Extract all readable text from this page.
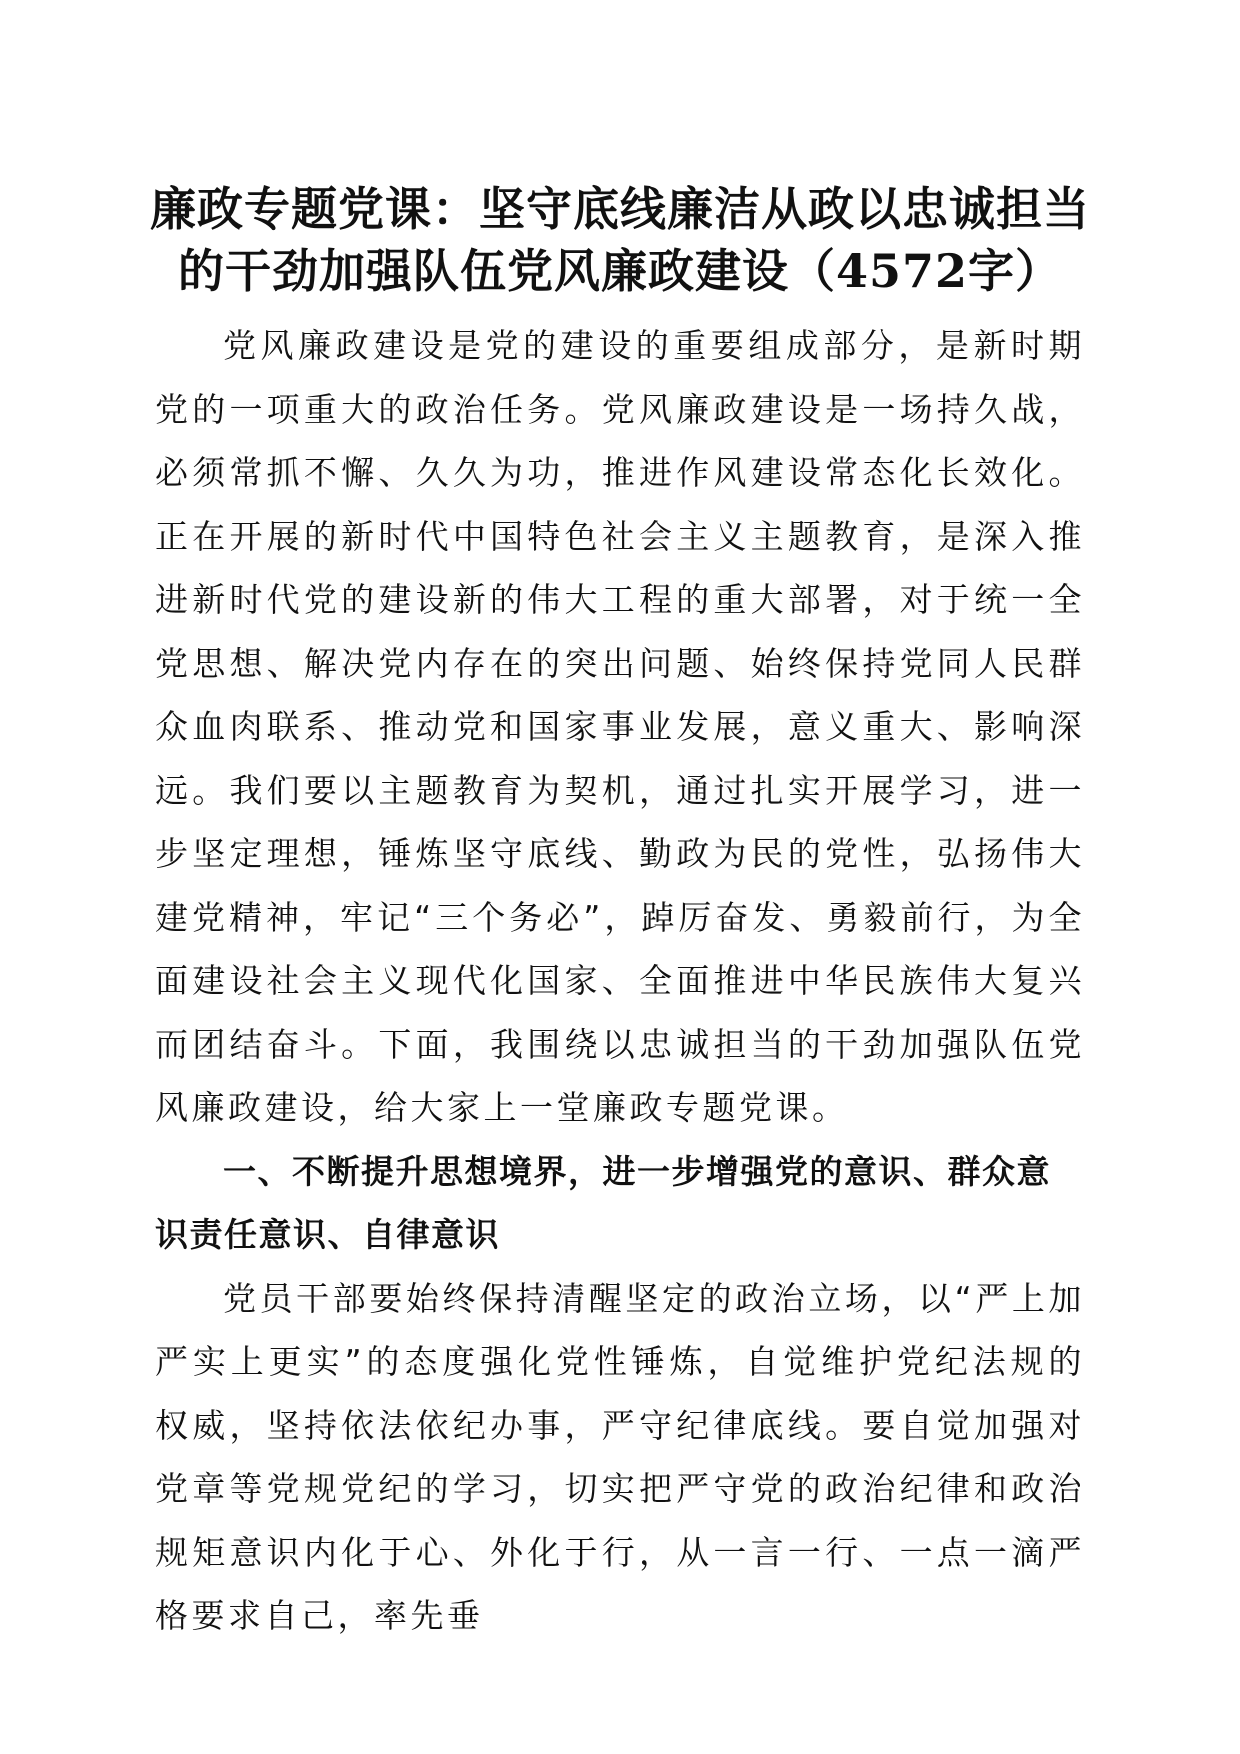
廉政专题党课：坚守底线廉洁从政以忠诚担当
的干劲加强队伍党风廉政建设（4572字）

党风廉政建设是党的建设的重要组成部分，是新时期党的一项重大的政治任务。党风廉政建设是一场持久战，必须常抓不懈、久久为功，推进作风建设常态化长效化。正在开展的新时代中国特色社会主义主题教育，是深入推进新时代党的建设新的伟大工程的重大部署，对于统一全党思想、解决党内存在的突出问题、始终保持党同人民群众血肉联系、推动党和国家事业发展，意义重大、影响深远。我们要以主题教育为契机，通过扎实开展学习，进一步坚定理想，锤炼坚守底线、勤政为民的党性，弘扬伟大建党精神，牢记“三个务必”，踔厉奋发、勇毅前行，为全面建设社会主义现代化国家、全面推进中华民族伟大复兴而团结奋斗。下面，我围绕以忠诚担当的干劲加强队伍党风廉政建设，给大家上一堂廉政专题党课。

一、不断提升思想境界，进一步增强党的意识、群众意识责任意识、自律意识

党员干部要始终保持清醒坚定的政治立场，以“严上加严实上更实”的态度强化党性锤炼，自觉维护党纪法规的权威，坚持依法依纪办事，严守纪律底线。要自觉加强对党章等党规党纪的学习，切实把严守党的政治纪律和政治规矩意识内化于心、外化于行，从一言一行、一点一滴严格要求自己，率先垂
